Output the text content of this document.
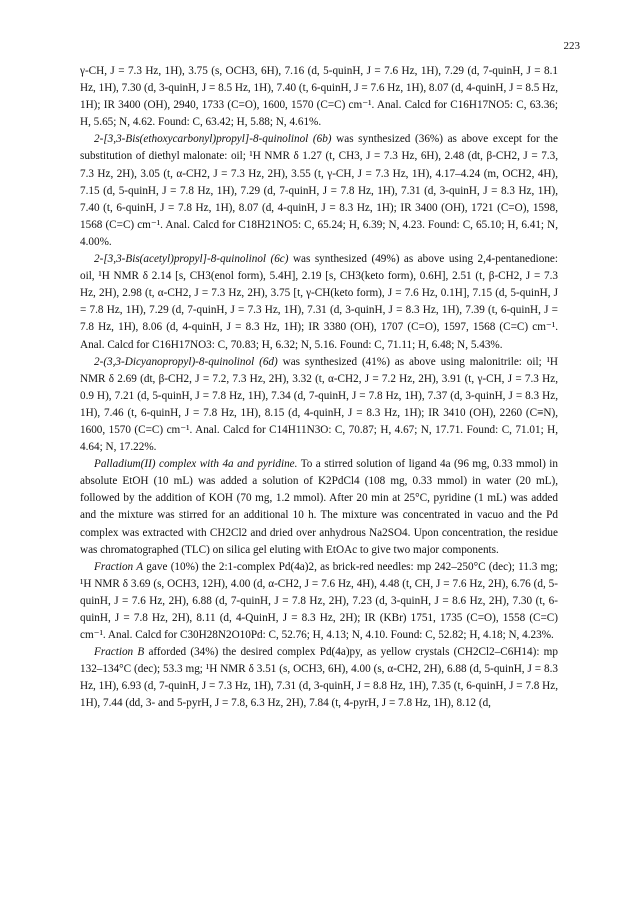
223

γ-CH, J = 7.3 Hz, 1H), 3.75 (s, OCH3, 6H), 7.16 (d, 5-quinH, J = 7.6 Hz, 1H), 7.29 (d, 7-quinH, J = 8.1 Hz, 1H), 7.30 (d, 3-quinH, J = 8.5 Hz, 1H), 7.40 (t, 6-quinH, J = 7.6 Hz, 1H), 8.07 (d, 4-quinH, J = 8.5 Hz, 1H); IR 3400 (OH), 2940, 1733 (C=O), 1600, 1570 (C=C) cm⁻¹. Anal. Calcd for C16H17NO5: C, 63.36; H, 5.65; N, 4.62. Found: C, 63.42; H, 5.88; N, 4.61%.

2-[3,3-Bis(ethoxycarbonyl)propyl]-8-quinolinol (6b) was synthesized (36%) as above except for the substitution of diethyl malonate: oil; ¹H NMR δ 1.27 (t, CH3, J = 7.3 Hz, 6H), 2.48 (dt, β-CH2, J = 7.3, 7.3 Hz, 2H), 3.05 (t, α-CH2, J = 7.3 Hz, 2H), 3.55 (t, γ-CH, J = 7.3 Hz, 1H), 4.17–4.24 (m, OCH2, 4H), 7.15 (d, 5-quinH, J = 7.8 Hz, 1H), 7.29 (d, 7-quinH, J = 7.8 Hz, 1H), 7.31 (d, 3-quinH, J = 8.3 Hz, 1H), 7.40 (t, 6-quinH, J = 7.8 Hz, 1H), 8.07 (d, 4-quinH, J = 8.3 Hz, 1H); IR 3400 (OH), 1721 (C=O), 1598, 1568 (C=C) cm⁻¹. Anal. Calcd for C18H21NO5: C, 65.24; H, 6.39; N, 4.23. Found: C, 65.10; H, 6.41; N, 4.00%.

2-[3,3-Bis(acetyl)propyl]-8-quinolinol (6c) was synthesized (49%) as above using 2,4-pentanedione: oil, ¹H NMR δ 2.14 [s, CH3(enol form), 5.4H], 2.19 [s, CH3(keto form), 0.6H], 2.51 (t, β-CH2, J = 7.3 Hz, 2H), 2.98 (t, α-CH2, J = 7.3 Hz, 2H), 3.75 [t, γ-CH(keto form), J = 7.6 Hz, 0.1H], 7.15 (d, 5-quinH, J = 7.8 Hz, 1H), 7.29 (d, 7-quinH, J = 7.3 Hz, 1H), 7.31 (d, 3-quinH, J = 8.3 Hz, 1H), 7.39 (t, 6-quinH, J = 7.8 Hz, 1H), 8.06 (d, 4-quinH, J = 8.3 Hz, 1H); IR 3380 (OH), 1707 (C=O), 1597, 1568 (C=C) cm⁻¹. Anal. Calcd for C16H17NO3: C, 70.83; H, 6.32; N, 5.16. Found: C, 71.11; H, 6.48; N, 5.43%.

2-(3,3-Dicyanopropyl)-8-quinolinol (6d) was synthesized (41%) as above using malonitrile: oil; ¹H NMR δ 2.69 (dt, β-CH2, J = 7.2, 7.3 Hz, 2H), 3.32 (t, α-CH2, J = 7.2 Hz, 2H), 3.91 (t, γ-CH, J = 7.3 Hz, 0.9 H), 7.21 (d, 5-quinH, J = 7.8 Hz, 1H), 7.34 (d, 7-quinH, J = 7.8 Hz, 1H), 7.37 (d, 3-quinH, J = 8.3 Hz, 1H), 7.46 (t, 6-quinH, J = 7.8 Hz, 1H), 8.15 (d, 4-quinH, J = 8.3 Hz, 1H); IR 3410 (OH), 2260 (C≡N), 1600, 1570 (C=C) cm⁻¹. Anal. Calcd for C14H11N3O: C, 70.87; H, 4.67; N, 17.71. Found: C, 71.01; H, 4.64; N, 17.22%.

Palladium(II) complex with 4a and pyridine. To a stirred solution of ligand 4a (96 mg, 0.33 mmol) in absolute EtOH (10 mL) was added a solution of K2PdCl4 (108 mg, 0.33 mmol) in water (20 mL), followed by the addition of KOH (70 mg, 1.2 mmol). After 20 min at 25°C, pyridine (1 mL) was added and the mixture was stirred for an additional 10 h. The mixture was concentrated in vacuo and the Pd complex was extracted with CH2Cl2 and dried over anhydrous Na2SO4. Upon concentration, the residue was chromatographed (TLC) on silica gel eluting with EtOAc to give two major components.

Fraction A gave (10%) the 2:1-complex Pd(4a)2, as brick-red needles: mp 242–250°C (dec); 11.3 mg; ¹H NMR δ 3.69 (s, OCH3, 12H), 4.00 (d, α-CH2, J = 7.6 Hz, 4H), 4.48 (t, CH, J = 7.6 Hz, 2H), 6.76 (d, 5-quinH, J = 7.6 Hz, 2H), 6.88 (d, 7-quinH, J = 7.8 Hz, 2H), 7.23 (d, 3-quinH, J = 8.6 Hz, 2H), 7.30 (t, 6-quinH, J = 7.8 Hz, 2H), 8.11 (d, 4-QuinH, J = 8.3 Hz, 2H); IR (KBr) 1751, 1735 (C=O), 1558 (C=C) cm⁻¹. Anal. Calcd for C30H28N2O10Pd: C, 52.76; H, 4.13; N, 4.10. Found: C, 52.82; H, 4.18; N, 4.23%.

Fraction B afforded (34%) the desired complex Pd(4a)py, as yellow crystals (CH2Cl2–C6H14): mp 132–134°C (dec); 53.3 mg; ¹H NMR δ 3.51 (s, OCH3, 6H), 4.00 (s, α-CH2, 2H), 6.88 (d, 5-quinH, J = 8.3 Hz, 1H), 6.93 (d, 7-quinH, J = 7.3 Hz, 1H), 7.31 (d, 3-quinH, J = 8.8 Hz, 1H), 7.35 (t, 6-quinH, J = 7.8 Hz, 1H), 7.44 (dd, 3- and 5-pyrH, J = 7.8, 6.3 Hz, 2H), 7.84 (t, 4-pyrH, J = 7.8 Hz, 1H), 8.12 (d,
